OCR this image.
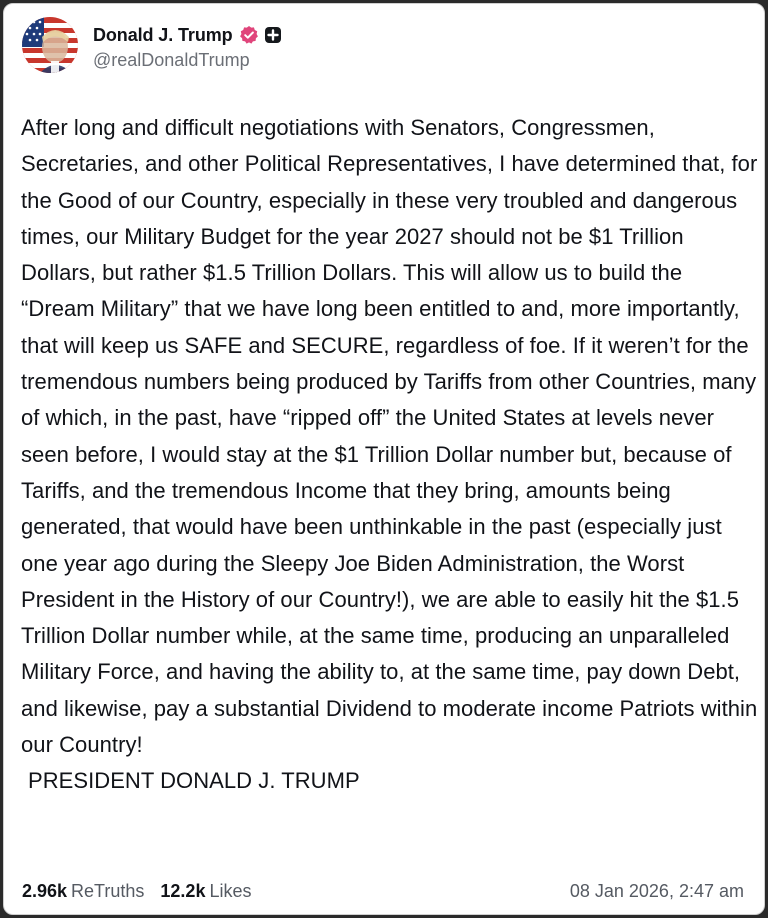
Donald J. Trump
@realDonaldTrump

After long and difficult negotiations with Senators, Congressmen, Secretaries, and other Political Representatives, I have determined that, for the Good of our Country, especially in these very troubled and dangerous times, our Military Budget for the year 2027 should not be $1 Trillion Dollars, but rather $1.5 Trillion Dollars. This will allow us to build the “Dream Military” that we have long been entitled to and, more importantly, that will keep us SAFE and SECURE, regardless of foe. If it weren’t for the tremendous numbers being produced by Tariffs from other Countries, many of which, in the past, have “ripped off” the United States at levels never seen before, I would stay at the $1 Trillion Dollar number but, because of Tariffs, and the tremendous Income that they bring, amounts being generated, that would have been unthinkable in the past (especially just one year ago during the Sleepy Joe Biden Administration, the Worst President in the History of our Country!), we are able to easily hit the $1.5 Trillion Dollar number while, at the same time, producing an unparalleled Military Force, and having the ability to, at the same time, pay down Debt, and likewise, pay a substantial Dividend to moderate income Patriots within our Country!

PRESIDENT DONALD J. TRUMP

2.96k ReTruths 12.2k Likes	08 Jan 2026, 2:47 am
